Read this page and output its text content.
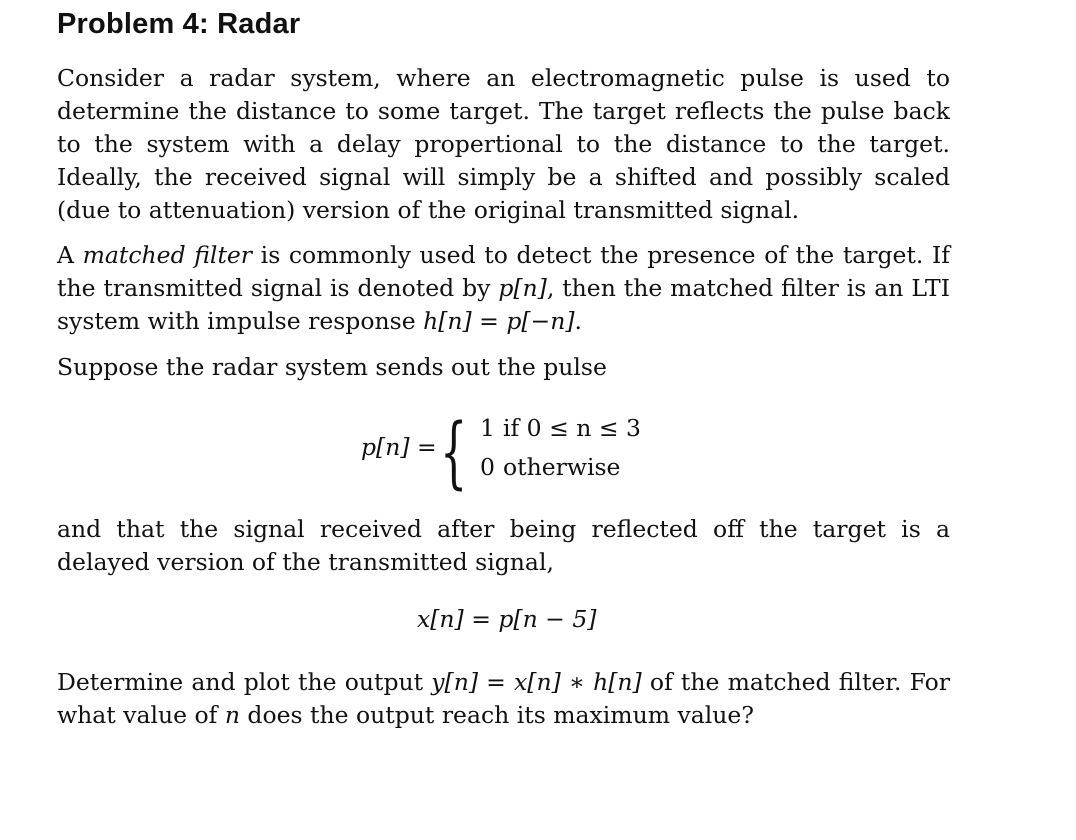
Problem 4: Radar
Consider a radar system, where an electromagnetic pulse is used to determine the distance to some target. The target reflects the pulse back to the system with a delay propertional to the distance to the target. Ideally, the received signal will simply be a shifted and possibly scaled (due to attenuation) version of the original transmitted signal.
A matched filter is commonly used to detect the presence of the target. If the transmitted signal is denoted by p[n], then the matched filter is an LTI system with impulse response h[n] = p[−n].
Suppose the radar system sends out the pulse
p[n] = { 1 if 0 ≤ n ≤ 3
0 otherwise
and that the signal received after being reflected off the target is a delayed version of the transmitted signal,
x[n] = p[n − 5]
Determine and plot the output y[n] = x[n] ∗ h[n] of the matched filter. For what value of n does the output reach its maximum value?
